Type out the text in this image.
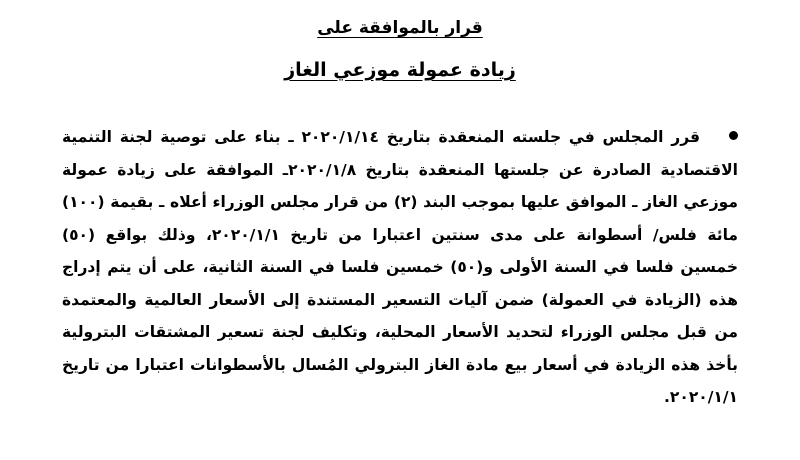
قرار بالموافقة على
زيادة عمولة موزعي الغاز

قرر المجلس في جلسته المنعقدة بتاريخ ٢٠٢٠/١/١٤ ـ بناء على توصية لجنة التنمية الاقتصادية الصادرة عن جلستها المنعقدة بتاريخ ٢٠٢٠/١/٨ـ الموافقة على زيادة عمولة موزعي الغاز ـ الموافق عليها بموجب البند (٢) من قرار مجلس الوزراء أعلاه ـ بقيمة (١٠٠) مائة فلس/ أسطوانة على مدى سنتين اعتبارا من تاريخ ٢٠٢٠/١/١، وذلك بواقع (٥٠) خمسين فلسا في السنة الأولى و(٥٠) خمسين فلسا في السنة الثانية، على أن يتم إدراج هذه (الزيادة في العمولة) ضمن آليات التسعير المستندة إلى الأسعار العالمية والمعتمدة من قبل مجلس الوزراء لتحديد الأسعار المحلية، وتكليف لجنة تسعير المشتقات البترولية بأخذ هذه الزيادة في أسعار بيع مادة الغاز البترولي المُسال بالأسطوانات اعتبارا من تاريخ ٢٠٢٠/١/١.
